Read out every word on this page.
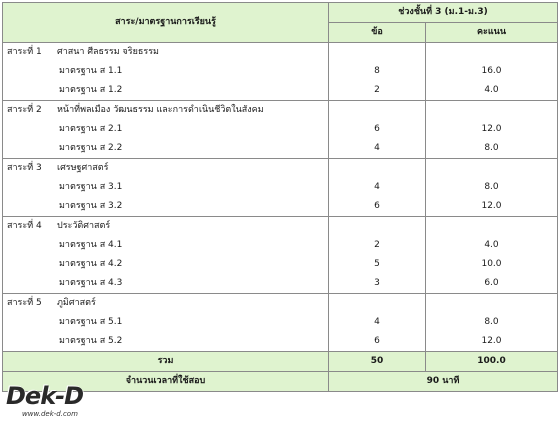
สาระ/มาตรฐานการเรียนรู้	ช่วงชั้นที่ 3 (ม.1-ม.3)	
	ข้อ	คะแนน
สาระที่ 1 ศาสนา ศีลธรรม จริยธรรม		
มาตรฐาน ส 1.1	8	16.0
มาตรฐาน ส 1.2	2	4.0
สาระที่ 2 หน้าที่พลเมือง วัฒนธรรม และการดำเนินชีวิตในสังคม		
มาตรฐาน ส 2.1	6	12.0
มาตรฐาน ส 2.2	4	8.0
สาระที่ 3 เศรษฐศาสตร์		
มาตรฐาน ส 3.1	4	8.0
มาตรฐาน ส 3.2	6	12.0
สาระที่ 4 ประวัติศาสตร์		
มาตรฐาน ส 4.1	2	4.0
มาตรฐาน ส 4.2	5	10.0
มาตรฐาน ส 4.3	3	6.0
สาระที่ 5 ภูมิศาสตร์		
มาตรฐาน ส 5.1	4	8.0
มาตรฐาน ส 5.2	6	12.0
รวม	50	100.0
จำนวนเวลาที่ใช้สอบ	90 นาที	
Dek-D
www.dek-d.com
